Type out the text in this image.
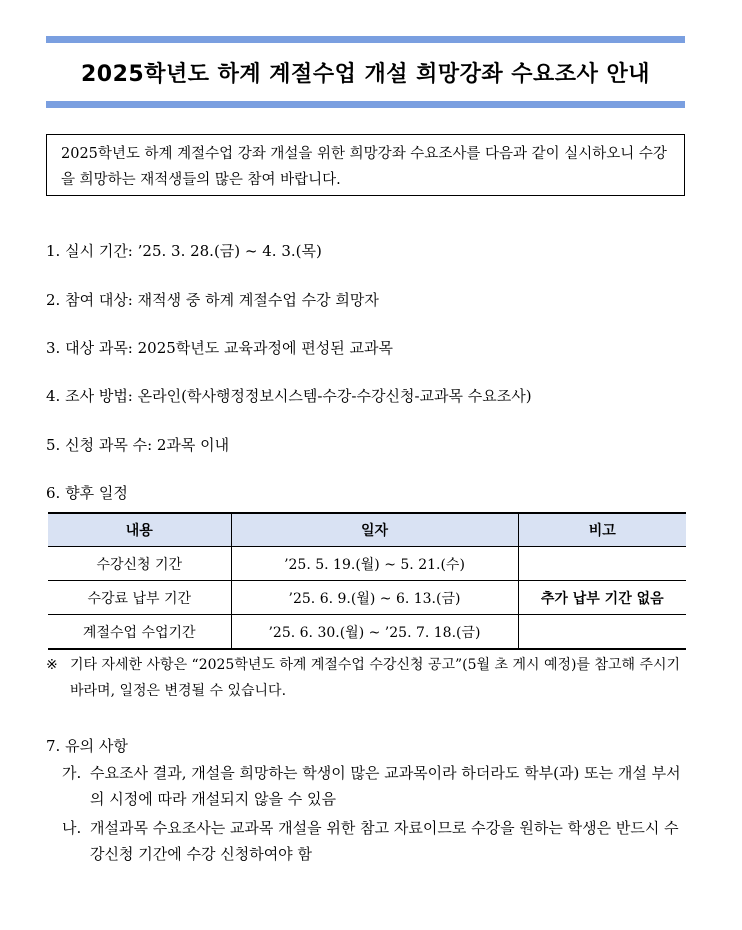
2025학년도 하계 계절수업 개설 희망강좌 수요조사 안내
2025학년도 하계 계절수업 강좌 개설을 위한 희망강좌 수요조사를 다음과 같이 실시하오니 수강을 희망하는 재적생들의 많은 참여 바랍니다.
1. 실시 기간: ’25. 3. 28.(금) ~ 4. 3.(목)
2. 참여 대상: 재적생 중 하계 계절수업 수강 희망자
3. 대상 과목: 2025학년도 교육과정에 편성된 교과목
4. 조사 방법: 온라인(학사행정정보시스템-수강-수강신청-교과목 수요조사)
5. 신청 과목 수: 2과목 이내
6. 향후 일정
내용	일자	비고
수강신청 기간	’25. 5. 19.(월) ~ 5. 21.(수)	
수강료 납부 기간	’25. 6. 9.(월) ~ 6. 13.(금)	추가 납부 기간 없음
계절수업 수업기간	’25. 6. 30.(월) ~ ’25. 7. 18.(금)	
※ 기타 자세한 사항은 “2025학년도 하계 계절수업 수강신청 공고”(5월 초 게시 예정)를 참고해 주시기 바라며, 일정은 변경될 수 있습니다.
7. 유의 사항
가. 수요조사 결과, 개설을 희망하는 학생이 많은 교과목이라 하더라도 학부(과) 또는 개설 부서의 시정에 따라 개설되지 않을 수 있음
나. 개설과목 수요조사는 교과목 개설을 위한 참고 자료이므로 수강을 원하는 학생은 반드시 수강신청 기간에 수강 신청하여야 함
